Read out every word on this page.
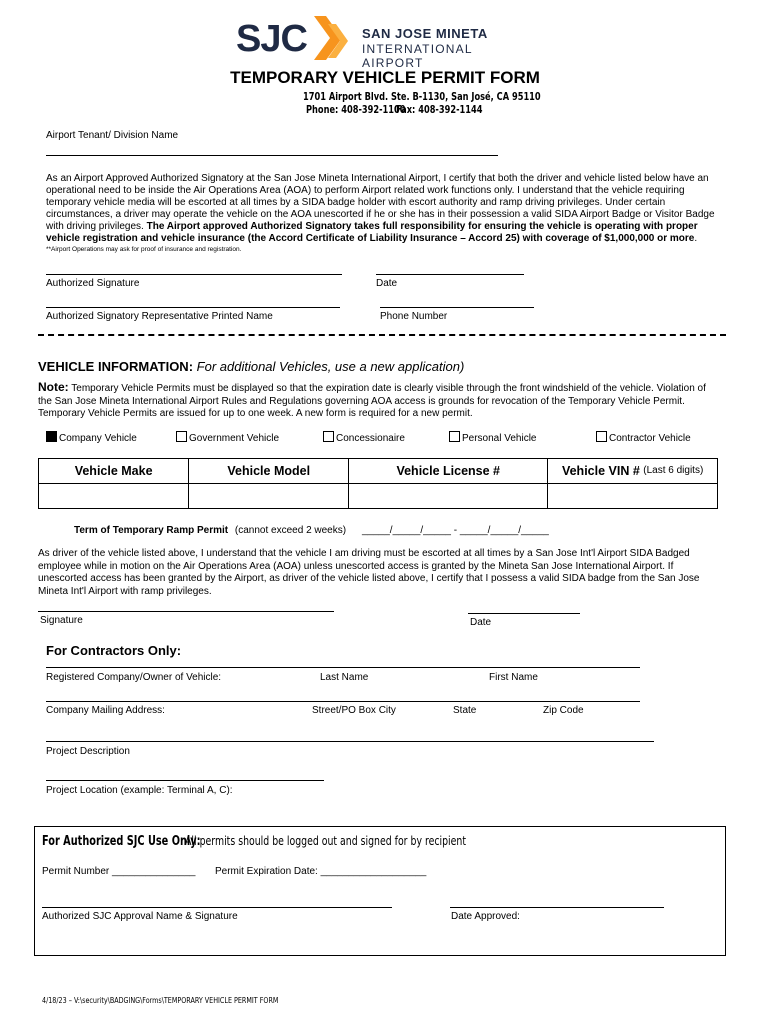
SJC	SAN JOSE MINETA
INTERNATIONAL AIRPORT
TEMPORARY VEHICLE PERMIT FORM
1701 Airport Blvd. Ste. B-1130, San José, CA 95110
Phone: 408-392-1100
Fax: 408-392-1144
Airport Tenant/ Division Name
As an Airport Approved Authorized Signatory at the San Jose Mineta International Airport, I certify that both the driver and vehicle listed below have an operational need to be inside the Air Operations Area (AOA) to perform Airport related work functions only. I understand that the vehicle requiring temporary vehicle media will be escorted at all times by a SIDA badge holder with escort authority and ramp driving privileges. Under certain circumstances, a driver may operate the vehicle on the AOA unescorted if he or she has in their possession a valid SIDA Airport Badge or Visitor Badge with driving privileges. The Airport approved Authorized Signatory takes full responsibility for ensuring the vehicle is operating with proper vehicle registration and vehicle insurance (the Accord Certificate of Liability Insurance – Accord 25) with coverage of $1,000,000 or more.
**Airport Operations may ask for proof of insurance and registration.
Authorized Signature	Date
Authorized Signatory Representative Printed Name	Phone Number
VEHICLE INFORMATION: For additional Vehicles, use a new application)
Note: Temporary Vehicle Permits must be displayed so that the expiration date is clearly visible through the front windshield of the vehicle. Violation of the San Jose Mineta International Airport Rules and Regulations governing AOA access is grounds for revocation of the Temporary Vehicle Permit.
Temporary Vehicle Permits are issued for up to one week. A new form is required for a new permit.
Company Vehicle	Government Vehicle	Concessionaire	Personal Vehicle	Contractor Vehicle
Vehicle Make	Vehicle Model	Vehicle License #	Vehicle VIN # (Last 6 digits)

Term of Temporary Ramp Permit (cannot exceed 2 weeks) _____/_____/_____ - _____/_____/_____
As driver of the vehicle listed above, I understand that the vehicle I am driving must be escorted at all times by a San Jose Int'l Airport SIDA Badged employee while in motion on the Air Operations Area (AOA) unless unescorted access is granted by the Mineta San Jose International Airport. If unescorted access has been granted by the Airport, as driver of the vehicle listed above, I certify that I possess a valid SIDA badge from the San Jose Mineta Int'l Airport with ramp privileges.
Signature	Date
For Contractors Only:
Registered Company/Owner of Vehicle:	Last Name	First Name
Company Mailing Address:	Street/PO Box City	State	Zip Code
Project Description
Project Location (example: Terminal A, C):
For Authorized SJC Use Only: All permits should be logged out and signed for by recipient
Permit Number _______________ Permit Expiration Date: ___________________
Authorized SJC Approval Name & Signature	Date Approved:
4/18/23 – V:\security\BADGING\Forms\TEMPORARY VEHICLE PERMIT FORM
